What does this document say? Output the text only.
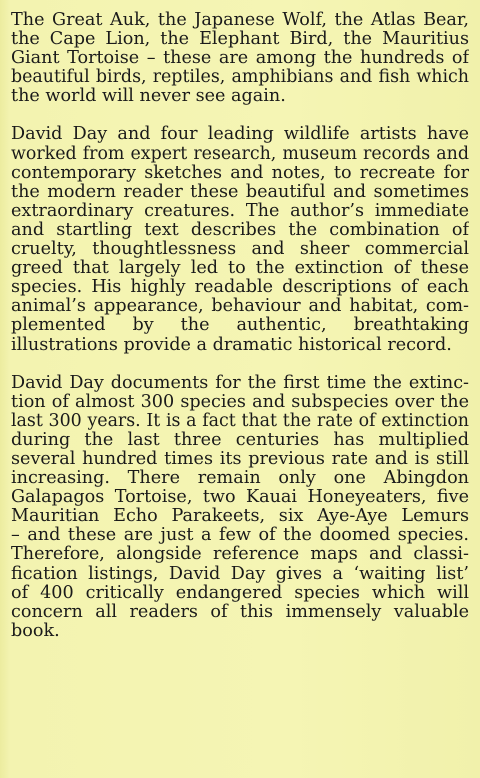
The Great Auk, the Japanese Wolf, the Atlas Bear,
the Cape Lion, the Elephant Bird, the Mauritius
Giant Tortoise – these are among the hundreds of
beautiful birds, reptiles, amphibians and fish which
the world will never see again.
David Day and four leading wildlife artists have
worked from expert research, museum records and
contemporary sketches and notes, to recreate for
the modern reader these beautiful and sometimes
extraordinary creatures. The author’s immediate
and startling text describes the combination of
cruelty, thoughtlessness and sheer commercial
greed that largely led to the extinction of these
species. His highly readable descriptions of each
animal’s appearance, behaviour and habitat, com-
plemented by the authentic, breathtaking
illustrations provide a dramatic historical record.
David Day documents for the first time the extinc-
tion of almost 300 species and subspecies over the
last 300 years. It is a fact that the rate of extinction
during the last three centuries has multiplied
several hundred times its previous rate and is still
increasing. There remain only one Abingdon
Galapagos Tortoise, two Kauai Honeyeaters, five
Mauritian Echo Parakeets, six Aye-Aye Lemurs
– and these are just a few of the doomed species.
Therefore, alongside reference maps and classi-
fication listings, David Day gives a ‘waiting list’
of 400 critically endangered species which will
concern all readers of this immensely valuable
book.
